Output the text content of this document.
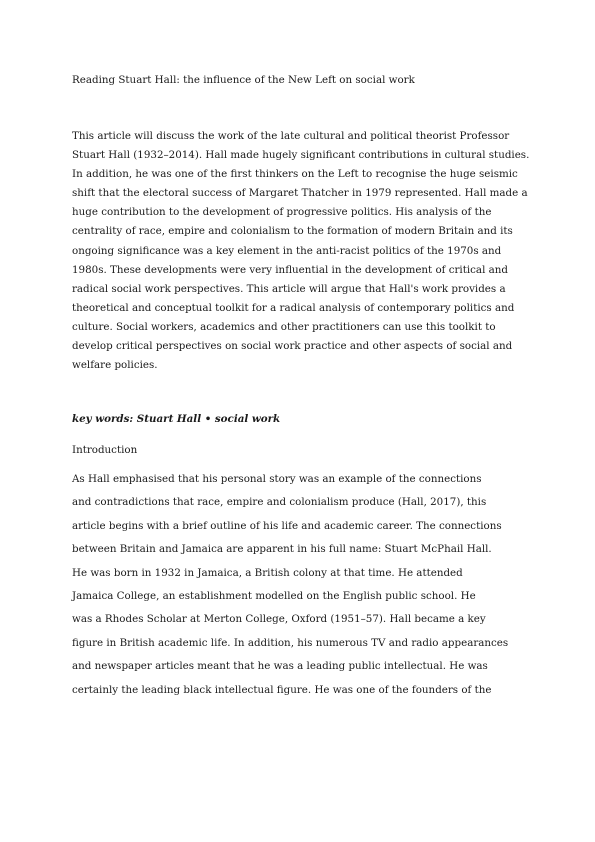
Reading Stuart Hall: the influence of the New Left on social work
This article will discuss the work of the late cultural and political theorist Professor
Stuart Hall (1932–2014). Hall made hugely significant contributions in cultural studies.
In addition, he was one of the first thinkers on the Left to recognise the huge seismic
shift that the electoral success of Margaret Thatcher in 1979 represented. Hall made a
huge contribution to the development of progressive politics. His analysis of the
centrality of race, empire and colonialism to the formation of modern Britain and its
ongoing significance was a key element in the anti-racist politics of the 1970s and
1980s. These developments were very influential in the development of critical and
radical social work perspectives. This article will argue that Hall's work provides a
theoretical and conceptual toolkit for a radical analysis of contemporary politics and
culture. Social workers, academics and other practitioners can use this toolkit to
develop critical perspectives on social work practice and other aspects of social and
welfare policies.
key words: Stuart Hall • social work
Introduction
As Hall emphasised that his personal story was an example of the connections
and contradictions that race, empire and colonialism produce (Hall, 2017), this
article begins with a brief outline of his life and academic career. The connections
between Britain and Jamaica are apparent in his full name: Stuart McPhail Hall.
He was born in 1932 in Jamaica, a British colony at that time. He attended
Jamaica College, an establishment modelled on the English public school. He
was a Rhodes Scholar at Merton College, Oxford (1951–57). Hall became a key
figure in British academic life. In addition, his numerous TV and radio appearances
and newspaper articles meant that he was a leading public intellectual. He was
certainly the leading black intellectual figure. He was one of the founders of the
